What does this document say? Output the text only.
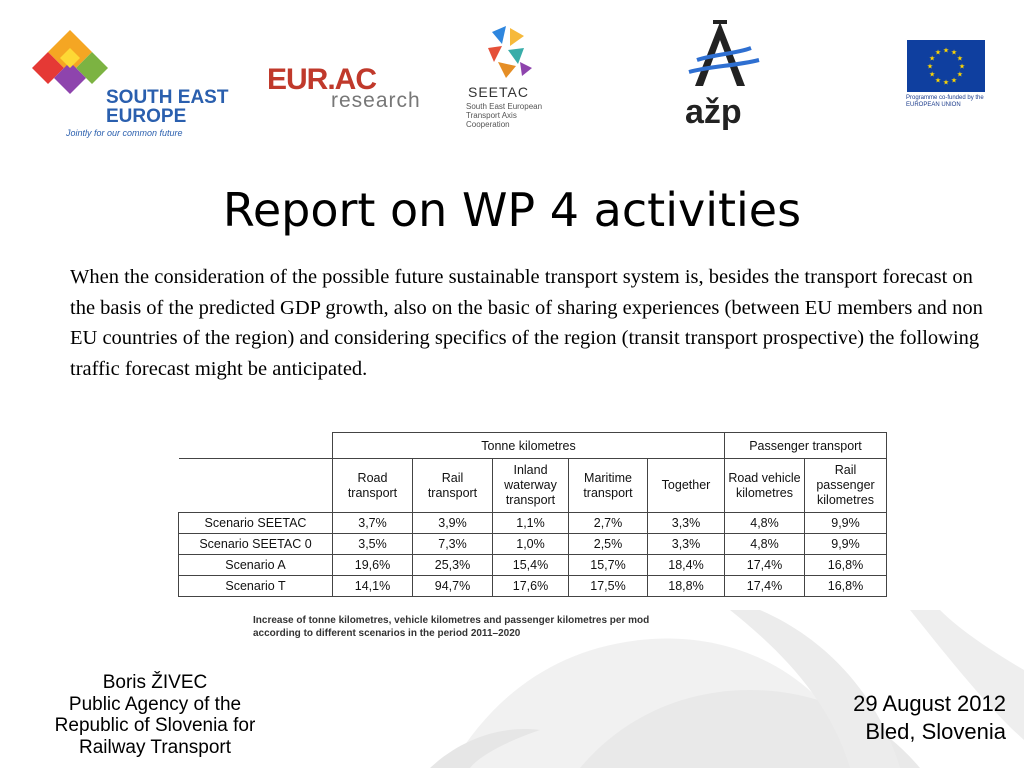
SOUTH EAST
EUROPE
Jointly for our common future
EUR.AC
research	SEETAC
South East European Transport Axis Cooperation	ažp
★ ★
★
★
★
★
★
★
★
★
★
★
Programme co-funded by the EUROPEAN UNION
Report on WP 4 activities

When the consideration of the possible future sustainable transport system is, besides the transport forecast on the basis of the predicted GDP growth, also on the basic of sharing experiences (between EU members and non EU countries of the region) and considering specifics of the region (transit transport prospective) the following traffic forecast might be anticipated.

	Tonne kilometres					Passenger transport	
	Road transport	Rail transport	Inland waterway transport	Maritime transport	Together	Road vehicle kilometres	Rail passenger kilometres
Scenario SEETAC	3,7%	3,9%	1,1%	2,7%	3,3%	4,8%	9,9%
Scenario SEETAC 0	3,5%	7,3%	1,0%	2,5%	3,3%	4,8%	9,9%
Scenario A	19,6%	25,3%	15,4%	15,7%	18,4%	17,4%	16,8%
Scenario T	14,1%	94,7%	17,6%	17,5%	18,8%	17,4%	16,8%
Increase of tonne kilometres, vehicle kilometres and passenger kilometres per mod
according to different scenarios in the period 2011–2020
Boris ŽIVEC
Public Agency of the
Republic of Slovenia for
Railway Transport
29 August 2012
Bled, Slovenia
